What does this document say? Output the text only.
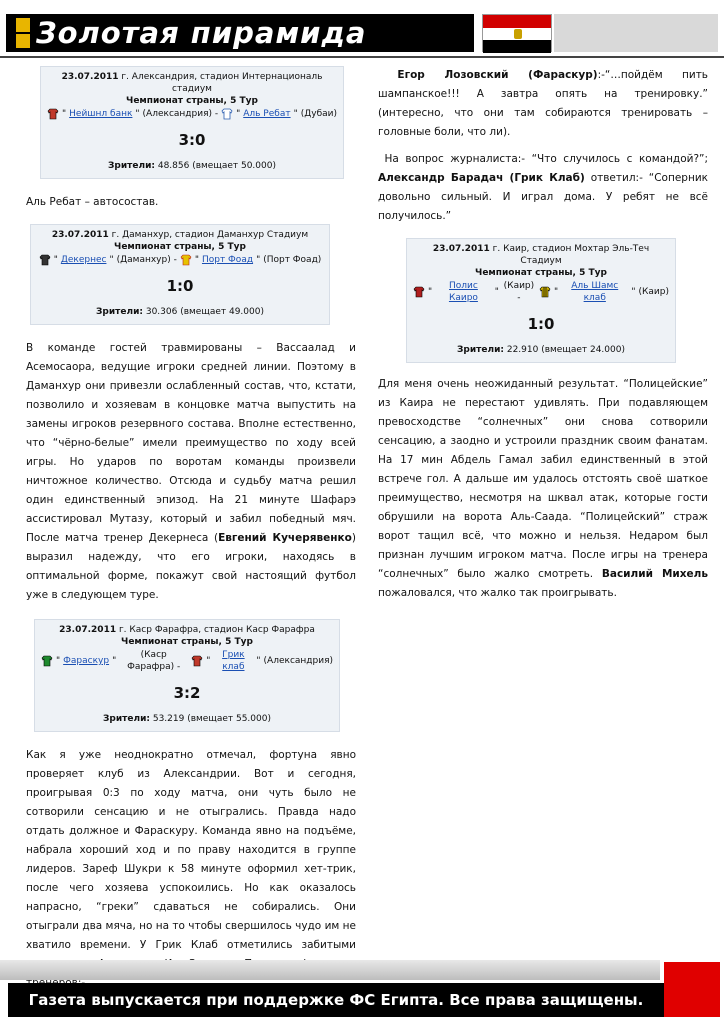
Золотая пирамида
23.07.2011 г. Александрия, стадион Интернациональ стадиум
Чемпионат страны, 5 Тур
" Нейшнл банк " (Александрия) - " Аль Ребат " (Дубаи)
3:0
Зрители: 48.856 (вмещает 50.000)
Аль Ребат – автосостав.
23.07.2011 г. Даманхур, стадион Даманхур Стадиум
Чемпионат страны, 5 Тур
" Декернес " (Даманхур) - " Порт Фоад " (Порт Фоад)
1:0
Зрители: 30.306 (вмещает 49.000)
В команде гостей травмированы – Вассаалад и Асемосаора, ведущие игроки средней линии. Поэтому в Даманхур они привезли ослабленный состав, что, кстати, позволило и хозяевам в концовке матча выпустить на замены игроков резервного состава. Вполне естественно, что “чёрно-белые” имели преимущество по ходу всей игры. Но ударов по воротам команды произвели ничтожное количество. Отсюда и судьбу матча решил один единственный эпизод. На 21 минуте Шафарэ ассистировал Мутазу, который и забил победный мяч. После матча тренер Декернеса (Евгений Кучерявенко) выразил надежду, что его игроки, находясь в оптимальной форме, покажут свой настоящий футбол уже в следующем туре.
23.07.2011 г. Каср Фарафра, стадион Каср Фарафра
Чемпионат страны, 5 Тур
" Фараскур "
(Каср Фарафра) -
"
Грик клаб
" (Александрия)
3:2
Зрители: 53.219 (вмещает 55.000)
Как я уже неоднократно отмечал, фортуна явно проверяет клуб из Александрии. Вот и сегодня, проигрывая 0:3 по ходу матча, они чуть было не сотворили сенсацию и не отыгрались. Правда надо отдать должное и Фараскуру. Команда явно на подъёме, набрала хороший ход и по праву находится в группе лидеров. Зареф Шукри к 58 минуте оформил хет-трик, после чего хозяева успокоились. Но как оказалось напрасно, “греки” сдаваться не собирались. Они отыграли два мяча, но на то чтобы свершилось чудо им не хватило времени. У Грик Клаб отметились забитыми
Егор Лозовский (Фараскур):-“…пойдём пить шампанское!!! А завтра опять на тренировку.” (интересно, что они там собираются тренировать – головные боли, что ли).
На вопрос журналиста:- “Что случилось с командой?”; Александр Барадач (Грик Клаб) ответил:- “Соперник довольно сильный. И играл дома. У ребят не всё получилось.”
23.07.2011 г. Каир, стадион Мохтар Эль-Теч Стадиум
Чемпионат страны, 5 Тур
"
Полис Каиро
"
(Каир) -
"
Аль Шамс клаб
" (Каир)
1:0
Зрители: 22.910 (вмещает 24.000)
Для меня очень неожиданный результат. “Полицейские” из Каира не перестают удивлять. При подавляющем превосходстве “солнечных” они снова сотворили сенсацию, а заодно и устроили праздник своим фанатам. На 17 мин Абдель Гамал забил единственный в этой встрече гол. А дальше им удалось отстоять своё шаткое преимущество, несмотря на шквал атак, которые гости обрушили на ворота Аль-Саада. “Полицейский” страж ворот тащил всё, что можно и нельзя. Недаром был признан лучшим игроком матча. После игры на тренера “солнечных” было жалко смотреть. Василий Михель пожаловался, что жалко так проигрывать.
Газета выпускается при поддержке ФС Египта. Все права защищены.
